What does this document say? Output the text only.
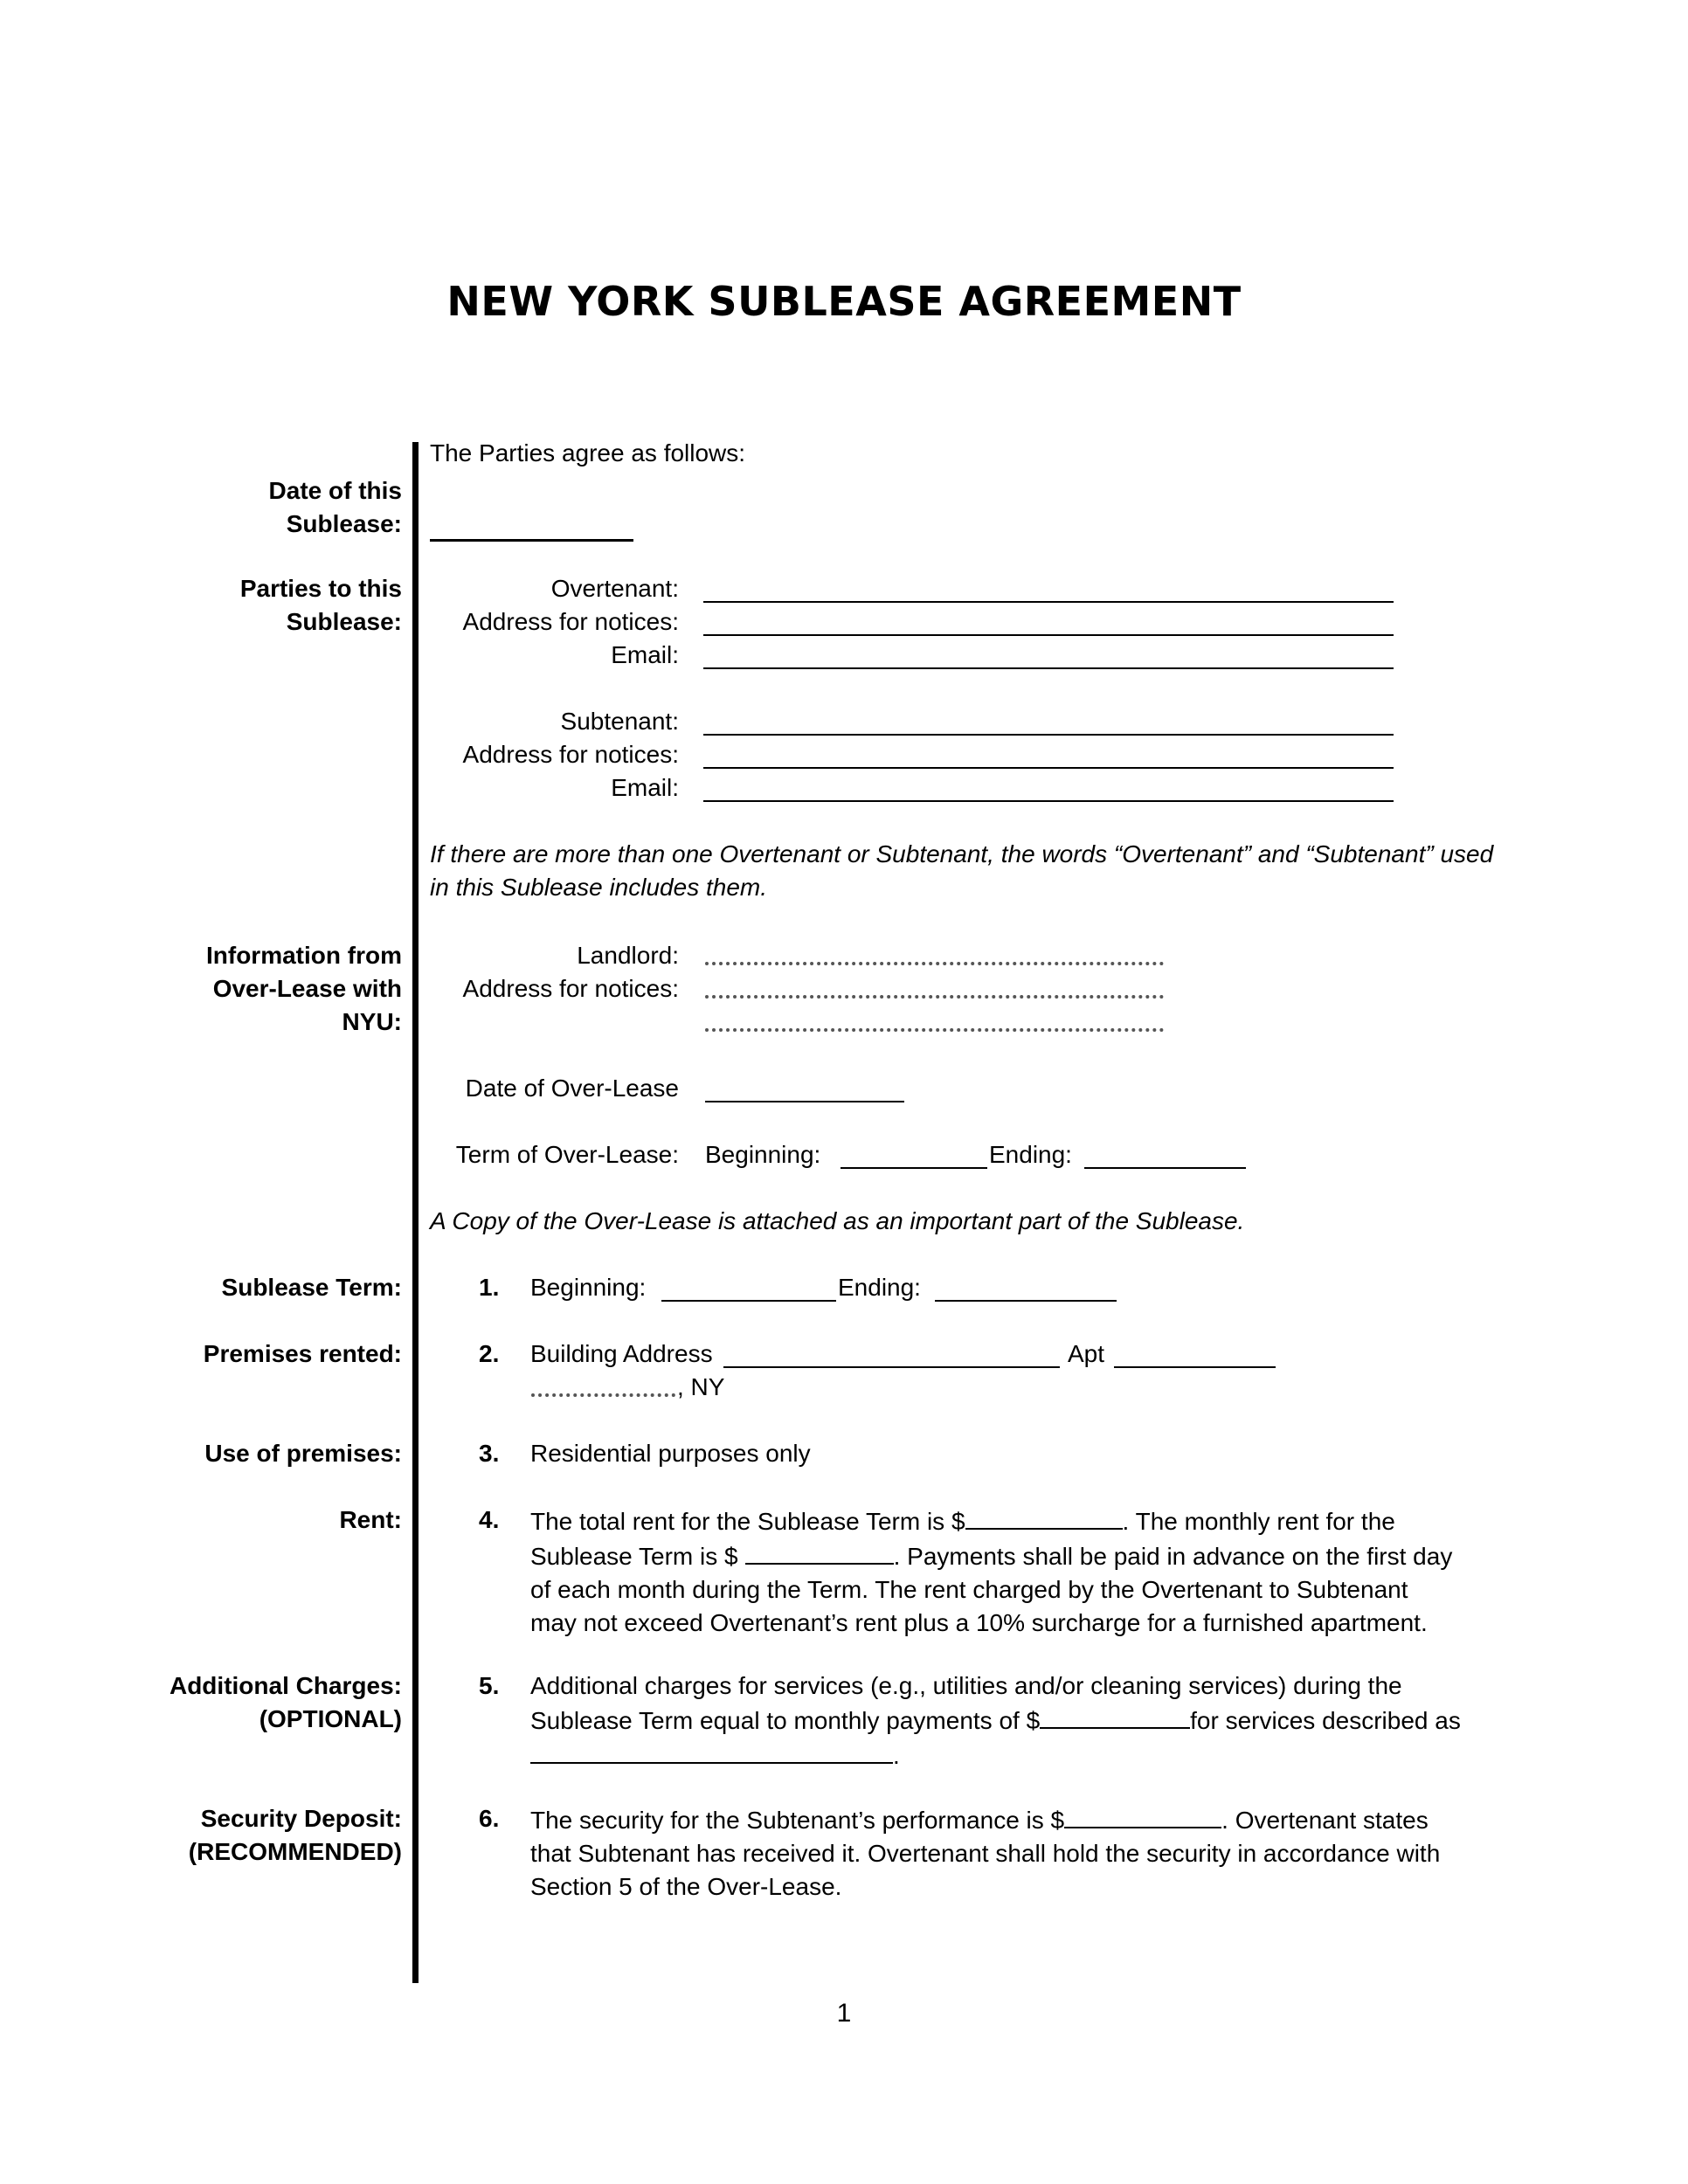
NEW YORK SUBLEASE AGREEMENT
The Parties agree as follows:
Date of this
Sublease:
Parties to this
Sublease:
Overtenant:
Address for notices:
Email:
Subtenant:
Address for notices:
Email:
If there are more than one Overtenant or Subtenant, the words “Overtenant” and “Subtenant” used in this Sublease includes them.
Information from
Over-Lease with
NYU:
Landlord:
Address for notices:
Date of Over-Lease
Term of Over-Lease: Beginning:	Ending:
A Copy of the Over-Lease is attached as an important part of the Sublease.
Sublease Term:	1. Beginning:	Ending:
Premises rented:	2. Building Address	Apt
, NY
Use of premises:	3. Residential purposes only
Rent:	4. The total rent for the Sublease Term is $	. The monthly rent for the
Sublease Term is $	. Payments shall be paid in advance on the first day
of each month during the Term. The rent charged by the Overtenant to Subtenant
may not exceed Overtenant’s rent plus a 10% surcharge for a furnished apartment.
Additional Charges:
(OPTIONAL)
5. Additional charges for services (e.g., utilities and/or cleaning services) during the
Sublease Term equal to monthly payments of $	for services described as
.
Security Deposit:
(RECOMMENDED)
6. The security for the Subtenant’s performance is $	. Overtenant states
that Subtenant has received it. Overtenant shall hold the security in accordance with
Section 5 of the Over-Lease.
1
